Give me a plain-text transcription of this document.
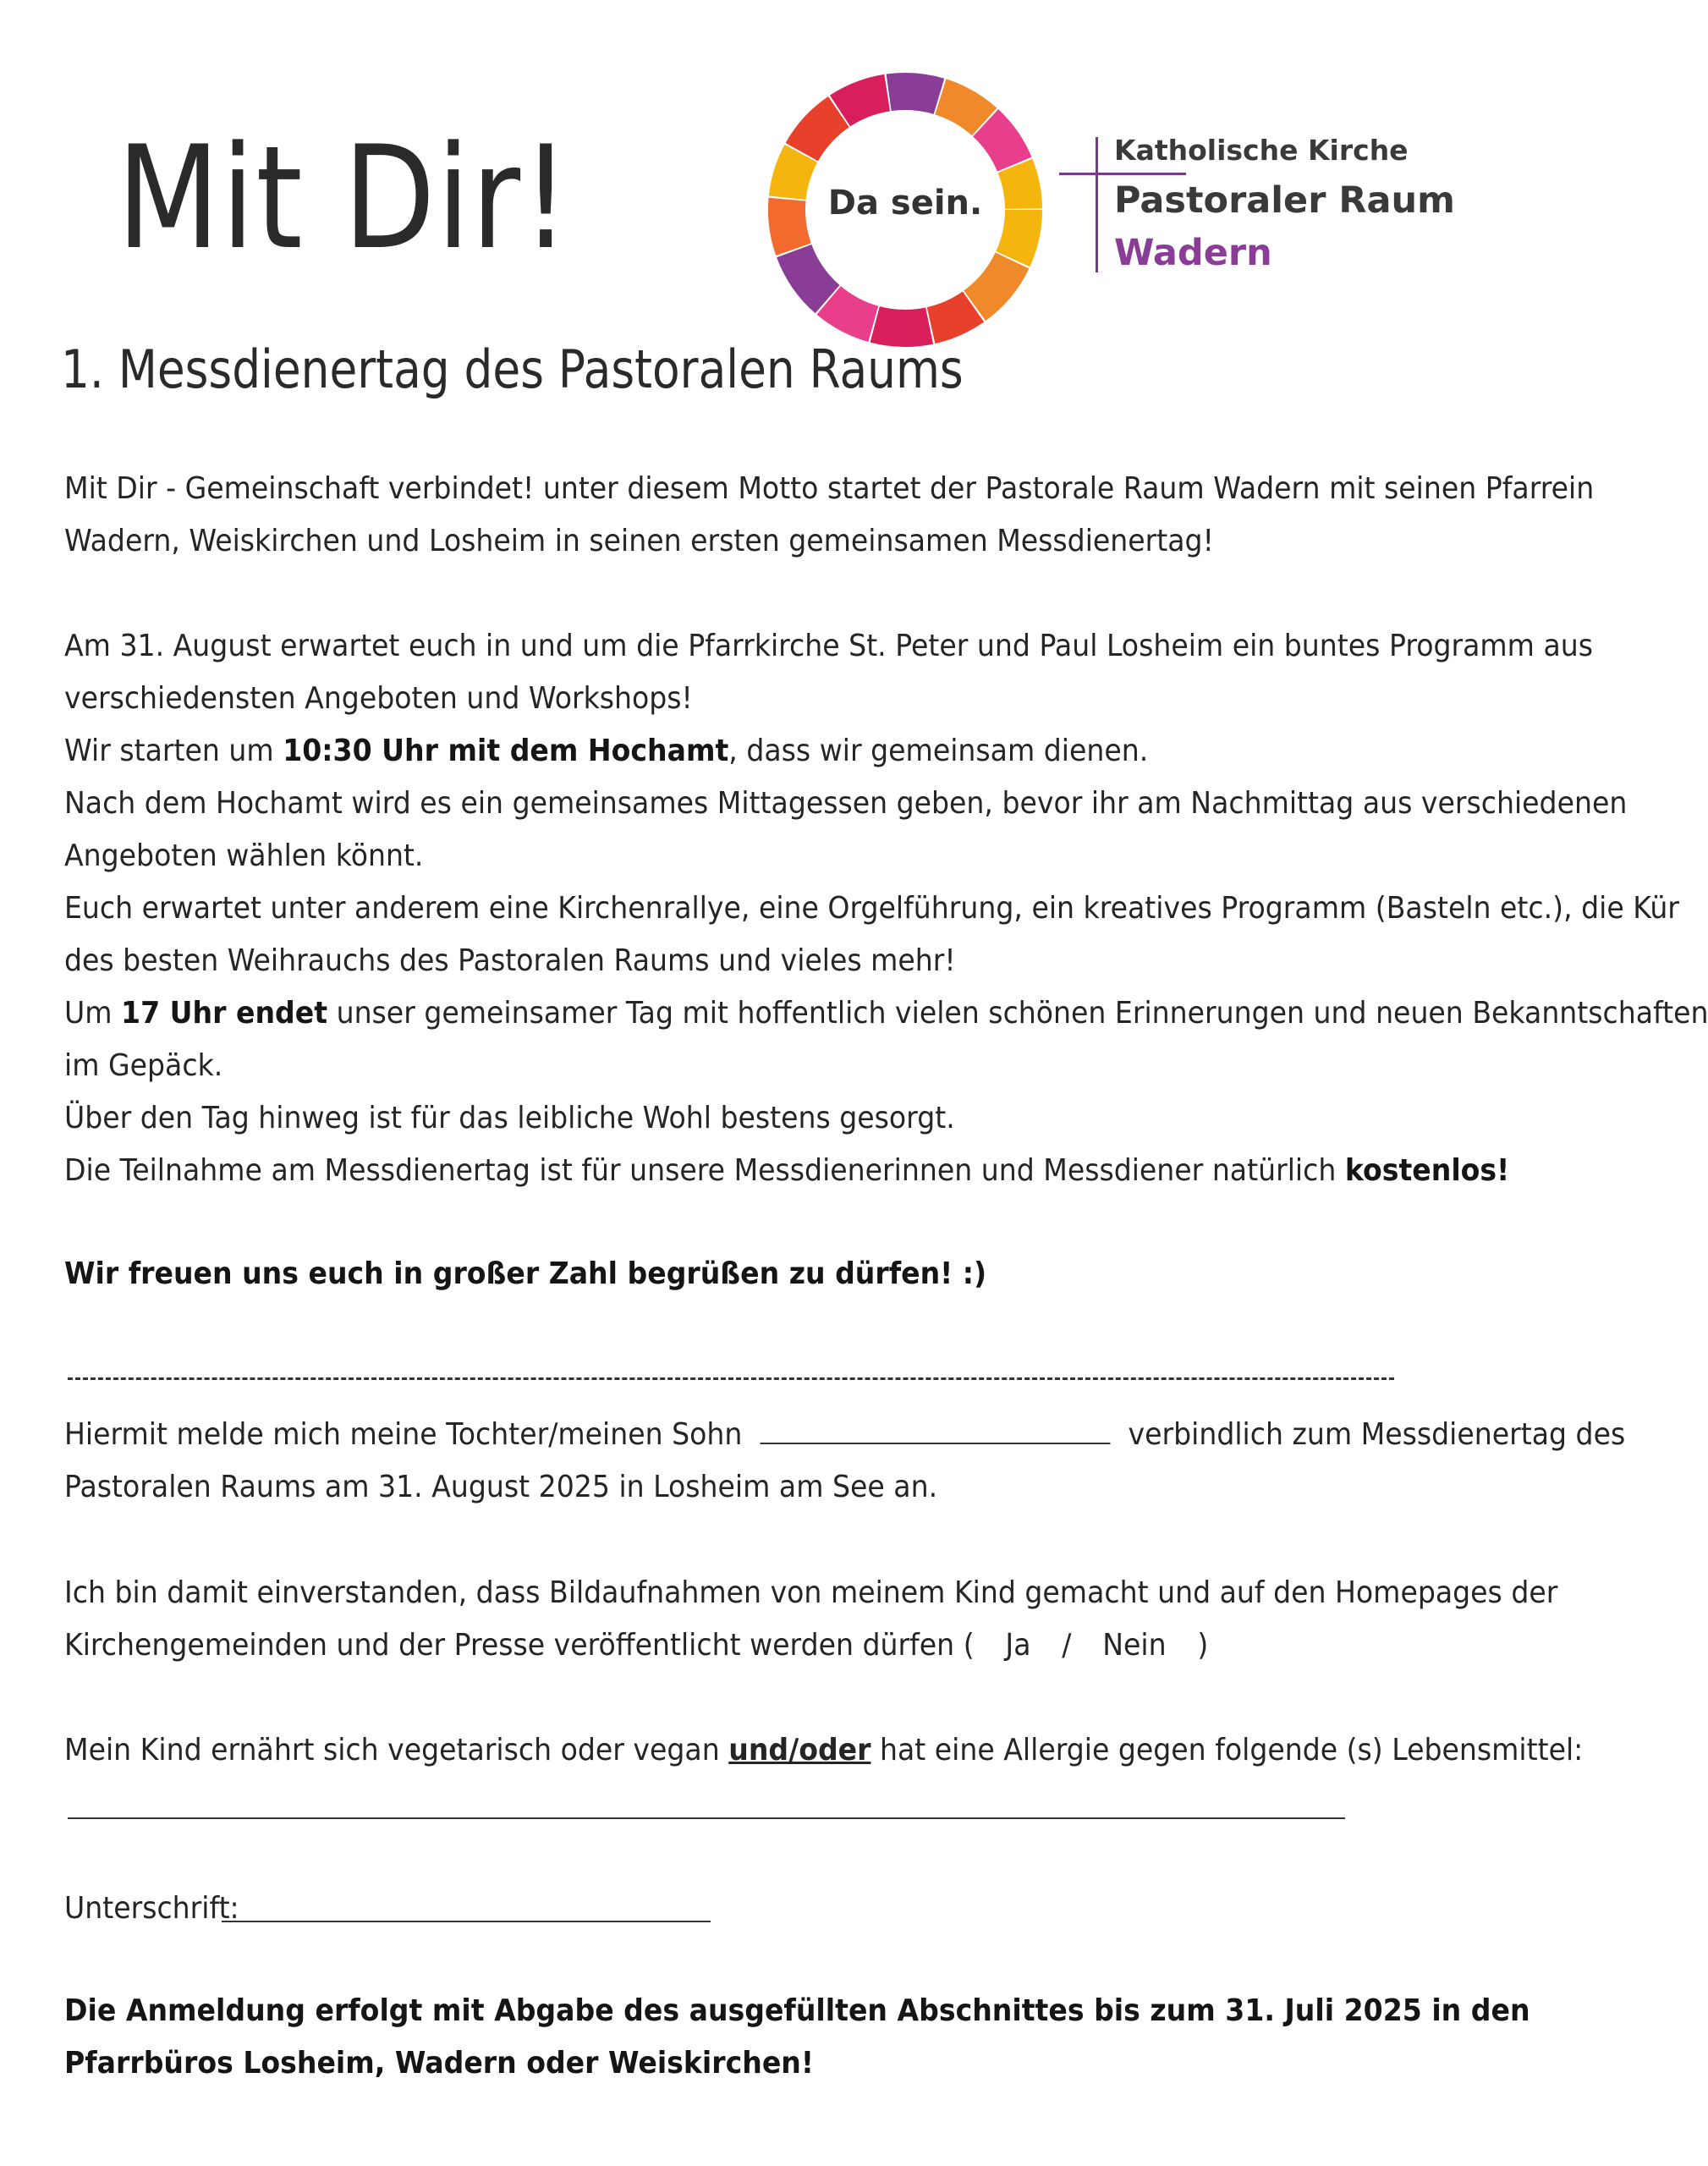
Mit Dir!	Da sein.
Katholische Kirche
Pastoraler Raum
Wadern
1. Messdienertag des Pastoralen Raums
Mit Dir - Gemeinschaft verbindet! unter diesem Motto startet der Pastorale Raum Wadern mit seinen Pfarrein
Wadern, Weiskirchen und Losheim in seinen ersten gemeinsamen Messdienertag!
Am 31. August erwartet euch in und um die Pfarrkirche St. Peter und Paul Losheim ein buntes Programm aus
verschiedensten Angeboten und Workshops!
Wir starten um 10:30 Uhr mit dem Hochamt, dass wir gemeinsam dienen.
Nach dem Hochamt wird es ein gemeinsames Mittagessen geben, bevor ihr am Nachmittag aus verschiedenen
Angeboten wählen könnt.
Euch erwartet unter anderem eine Kirchenrallye, eine Orgelführung, ein kreatives Programm (Basteln etc.), die Kür
des besten Weihrauchs des Pastoralen Raums und vieles mehr!
Um 17 Uhr endet unser gemeinsamer Tag mit hoffentlich vielen schönen Erinnerungen und neuen Bekanntschaften
im Gepäck.
Über den Tag hinweg ist für das leibliche Wohl bestens gesorgt.
Die Teilnahme am Messdienertag ist für unsere Messdienerinnen und Messdiener natürlich kostenlos!
Wir freuen uns euch in großer Zahl begrüßen zu dürfen! :)
Hiermit melde mich meine Tochter/meinen Sohn	verbindlich zum Messdienertag des
Pastoralen Raums am 31. August 2025 in Losheim am See an.
Ich bin damit einverstanden, dass Bildaufnahmen von meinem Kind gemacht und auf den Homepages der
Kirchengemeinden und der Presse veröffentlicht werden dürfen ( Ja / Nein )
Mein Kind ernährt sich vegetarisch oder vegan und/oder hat eine Allergie gegen folgende (s) Lebensmittel:
Unterschrift:
Die Anmeldung erfolgt mit Abgabe des ausgefüllten Abschnittes bis zum 31. Juli 2025 in den
Pfarrbüros Losheim, Wadern oder Weiskirchen!
